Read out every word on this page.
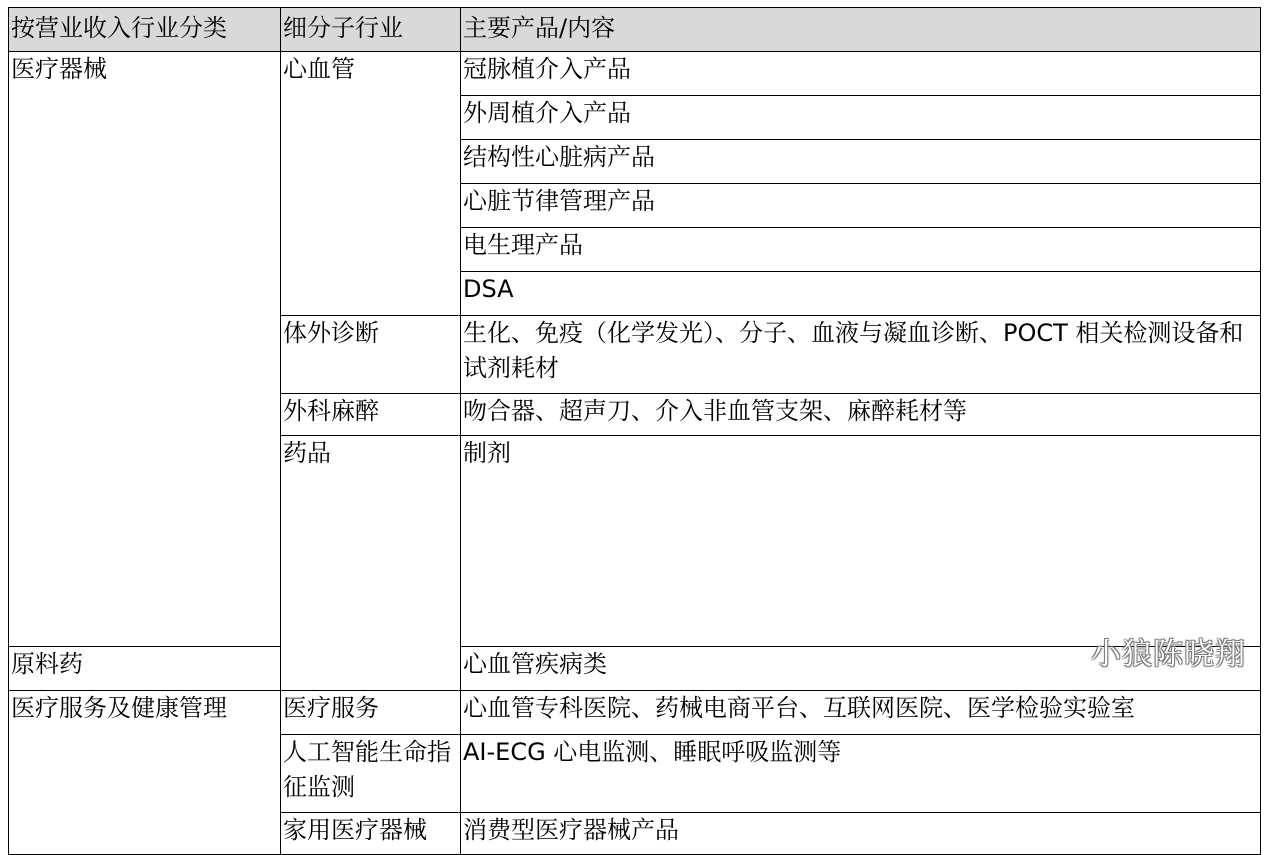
按营业收入行业分类	细分子行业	主要产品/内容	
医疗器械	心血管	冠脉植介入产品	
		外周植介入产品	
		结构性心脏病产品	
		心脏节律管理产品	
		电生理产品	
		DSA	
	体外诊断	生化、免疫（化学发光）、分子、血液与凝血诊断、POCT 相关检测设备和试剂耗材	
	外科麻醉	吻合器、超声刀、介入非血管支架、麻醉耗材等	
	药品	制剂	
原料药		心血管疾病类	
医疗服务及健康管理	医疗服务	心血管专科医院、药械电商平台、互联网医院、医学检验实验室	
	人工智能生命指征监测	AI-ECG 心电监测、睡眠呼吸监测等	
	家用医疗器械	消费型医疗器械产品	
小狼陈晓翔
